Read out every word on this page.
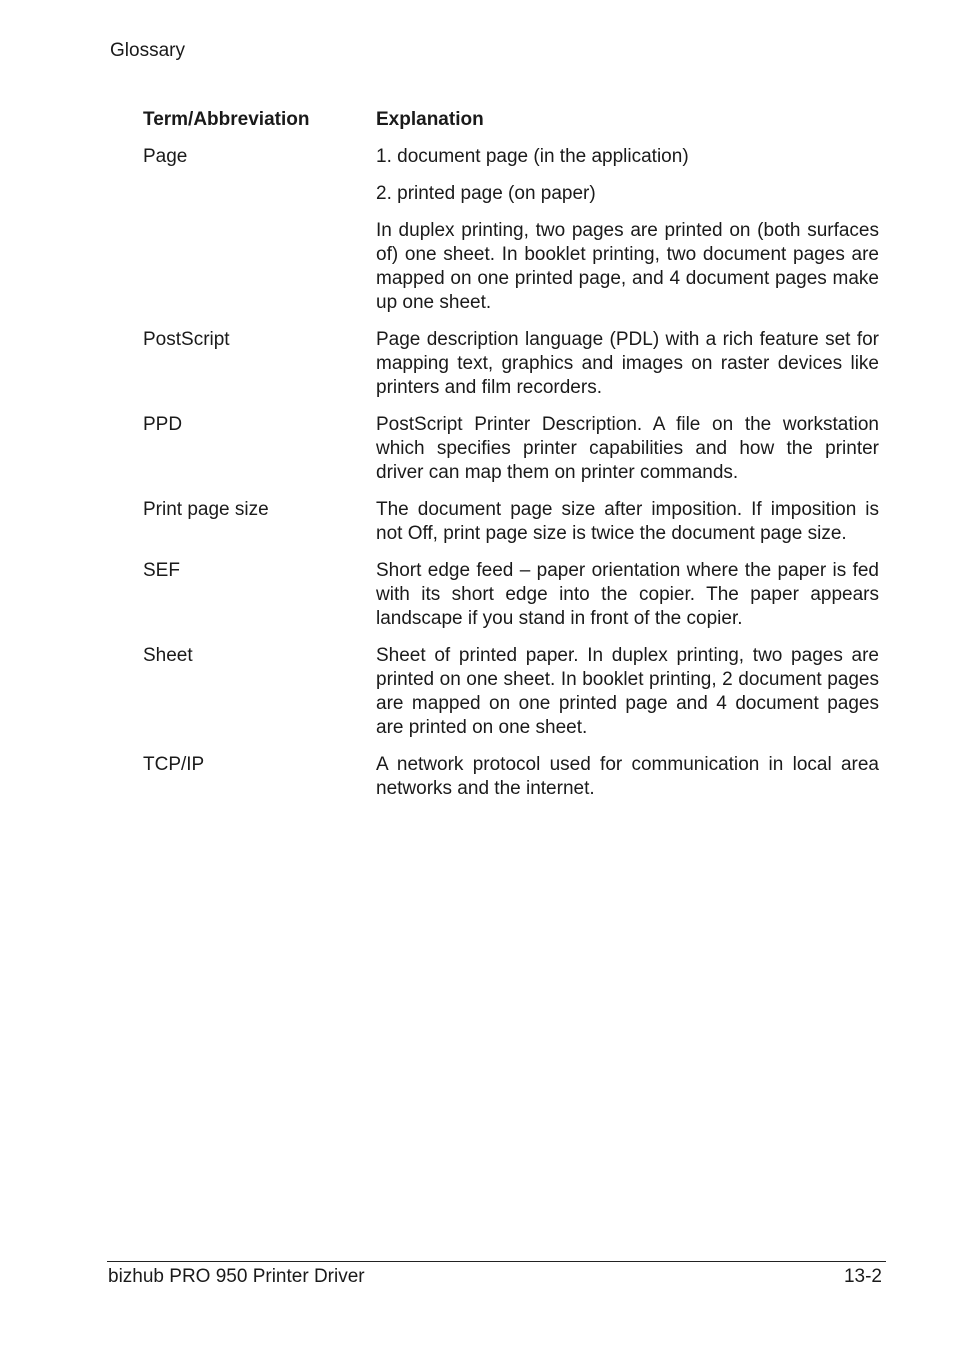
Glossary
Term/Abbreviation	Explanation
Page	1. document page (in the application)

2. printed page (on paper)

In duplex printing, two pages are printed on (both surfaces of) one sheet. In booklet printing, two document pages are mapped on one printed page, and 4 document pages make up one sheet.

PostScript	Page description language (PDL) with a rich feature set for mapping text, graphics and images on raster devices like printers and film recorders.

PPD	PostScript Printer Description. A file on the workstation which specifies printer capabilities and how the printer driver can map them on printer commands.

Print page size	The document page size after imposition. If imposition is not Off, print page size is twice the document page size.

SEF	Short edge feed – paper orientation where the paper is fed with its short edge into the copier. The paper appears landscape if you stand in front of the copier.

Sheet	Sheet of printed paper. In duplex printing, two pages are printed on one sheet. In booklet printing, 2 document pages are mapped on one printed page and 4 document pages are printed on one sheet.

TCP/IP	A network protocol used for communication in local area networks and the internet.

bizhub PRO 950 Printer Driver	13-2
